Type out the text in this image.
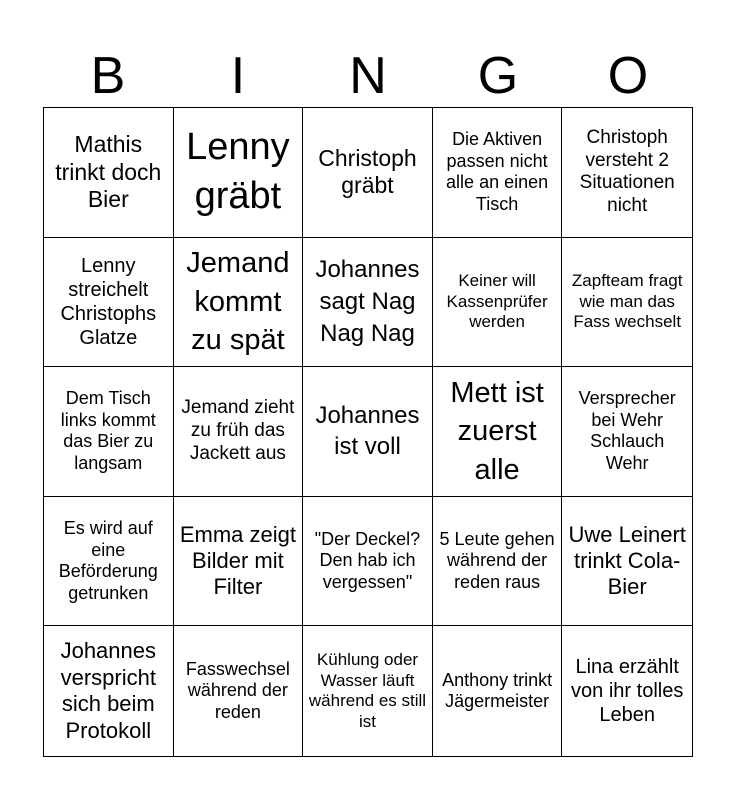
B	I	N	G	O
Mathis trinkt doch Bier
Lenny gräbt
Christoph gräbt
Die Aktiven passen nicht alle an einen Tisch
Christoph versteht 2 Situationen nicht
Lenny streichelt Christophs Glatze
Jemand kommt zu spät
Johannes sagt Nag Nag Nag
Keiner will Kassenprüfer werden
Zapfteam fragt wie man das Fass wechselt
Dem Tisch links kommt das Bier zu langsam
Jemand zieht zu früh das Jackett aus
Johannes ist voll
Mett ist zuerst alle
Versprecher bei Wehr Schlauch Wehr
Es wird auf eine Beförderung getrunken
Emma zeigt Bilder mit Filter
"Der Deckel? Den hab ich vergessen"
5 Leute gehen während der reden raus
Uwe Leinert trinkt Cola-Bier
Johannes verspricht sich beim Protokoll
Fasswechsel während der reden
Kühlung oder Wasser läuft während es still ist
Anthony trinkt Jägermeister
Lina erzählt von ihr tolles Leben
